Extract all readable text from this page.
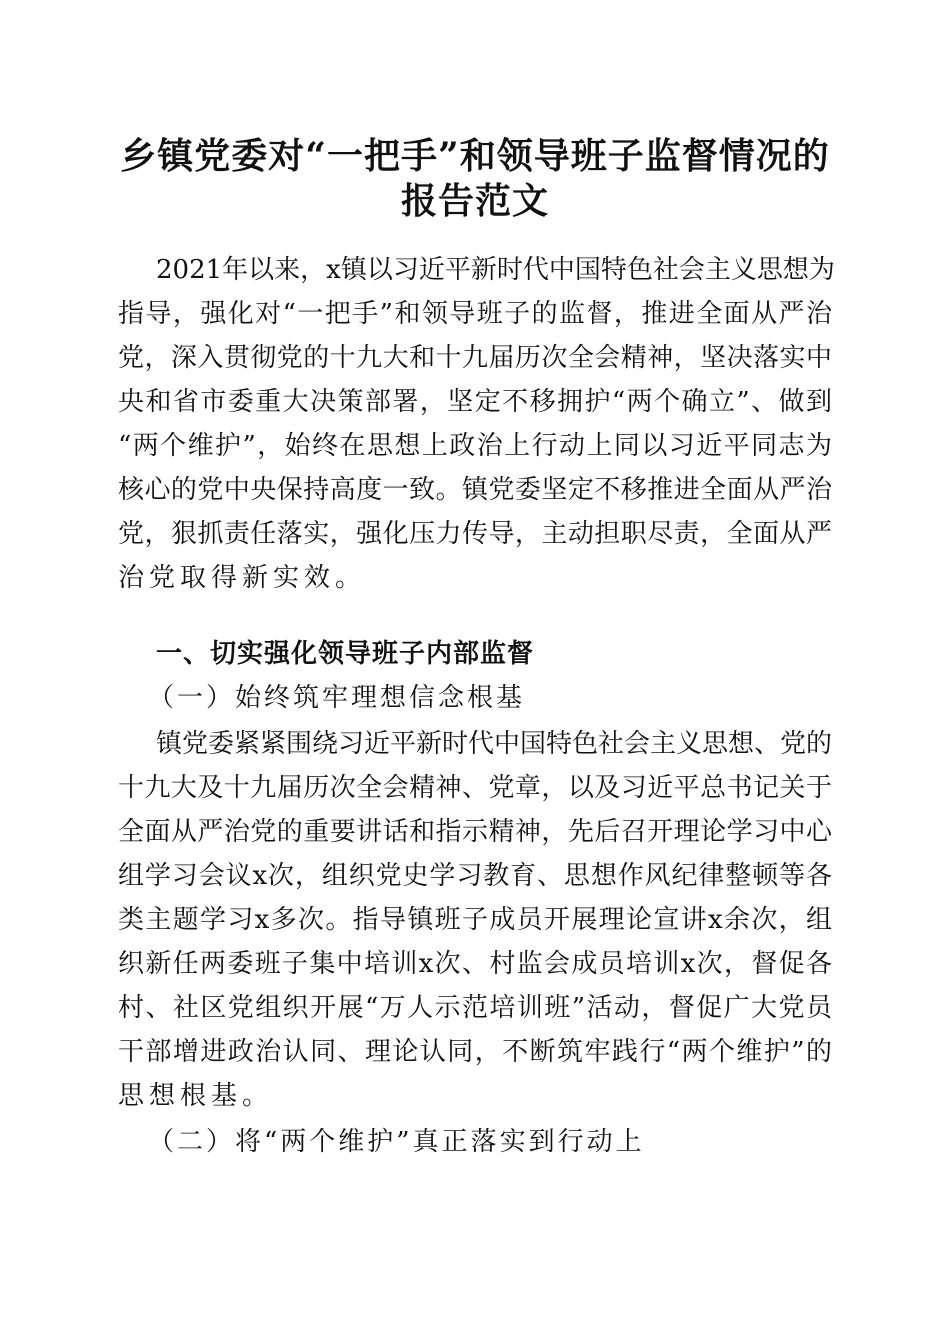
乡镇党委对“一把手”和领导班子监督情况的
报告范文
2021年以来，x镇以习近平新时代中国特色社会主义思想为
指导，强化对“一把手”和领导班子的监督，推进全面从严治
党，深入贯彻党的十九大和十九届历次全会精神，坚决落实中
央和省市委重大决策部署，坚定不移拥护“两个确立”、做到
“两个维护”，始终在思想上政治上行动上同以习近平同志为
核心的党中央保持高度一致。镇党委坚定不移推进全面从严治
党，狠抓责任落实，强化压力传导，主动担职尽责，全面从严
治党取得新实效。
一、切实强化领导班子内部监督
（一）始终筑牢理想信念根基
镇党委紧紧围绕习近平新时代中国特色社会主义思想、党的
十九大及十九届历次全会精神、党章，以及习近平总书记关于
全面从严治党的重要讲话和指示精神，先后召开理论学习中心
组学习会议x次，组织党史学习教育、思想作风纪律整顿等各
类主题学习x多次。指导镇班子成员开展理论宣讲x余次，组
织新任两委班子集中培训x次、村监会成员培训x次，督促各
村、社区党组织开展“万人示范培训班”活动，督促广大党员
干部增进政治认同、理论认同，不断筑牢践行“两个维护”的
思想根基。
（二）将“两个维护”真正落实到行动上
